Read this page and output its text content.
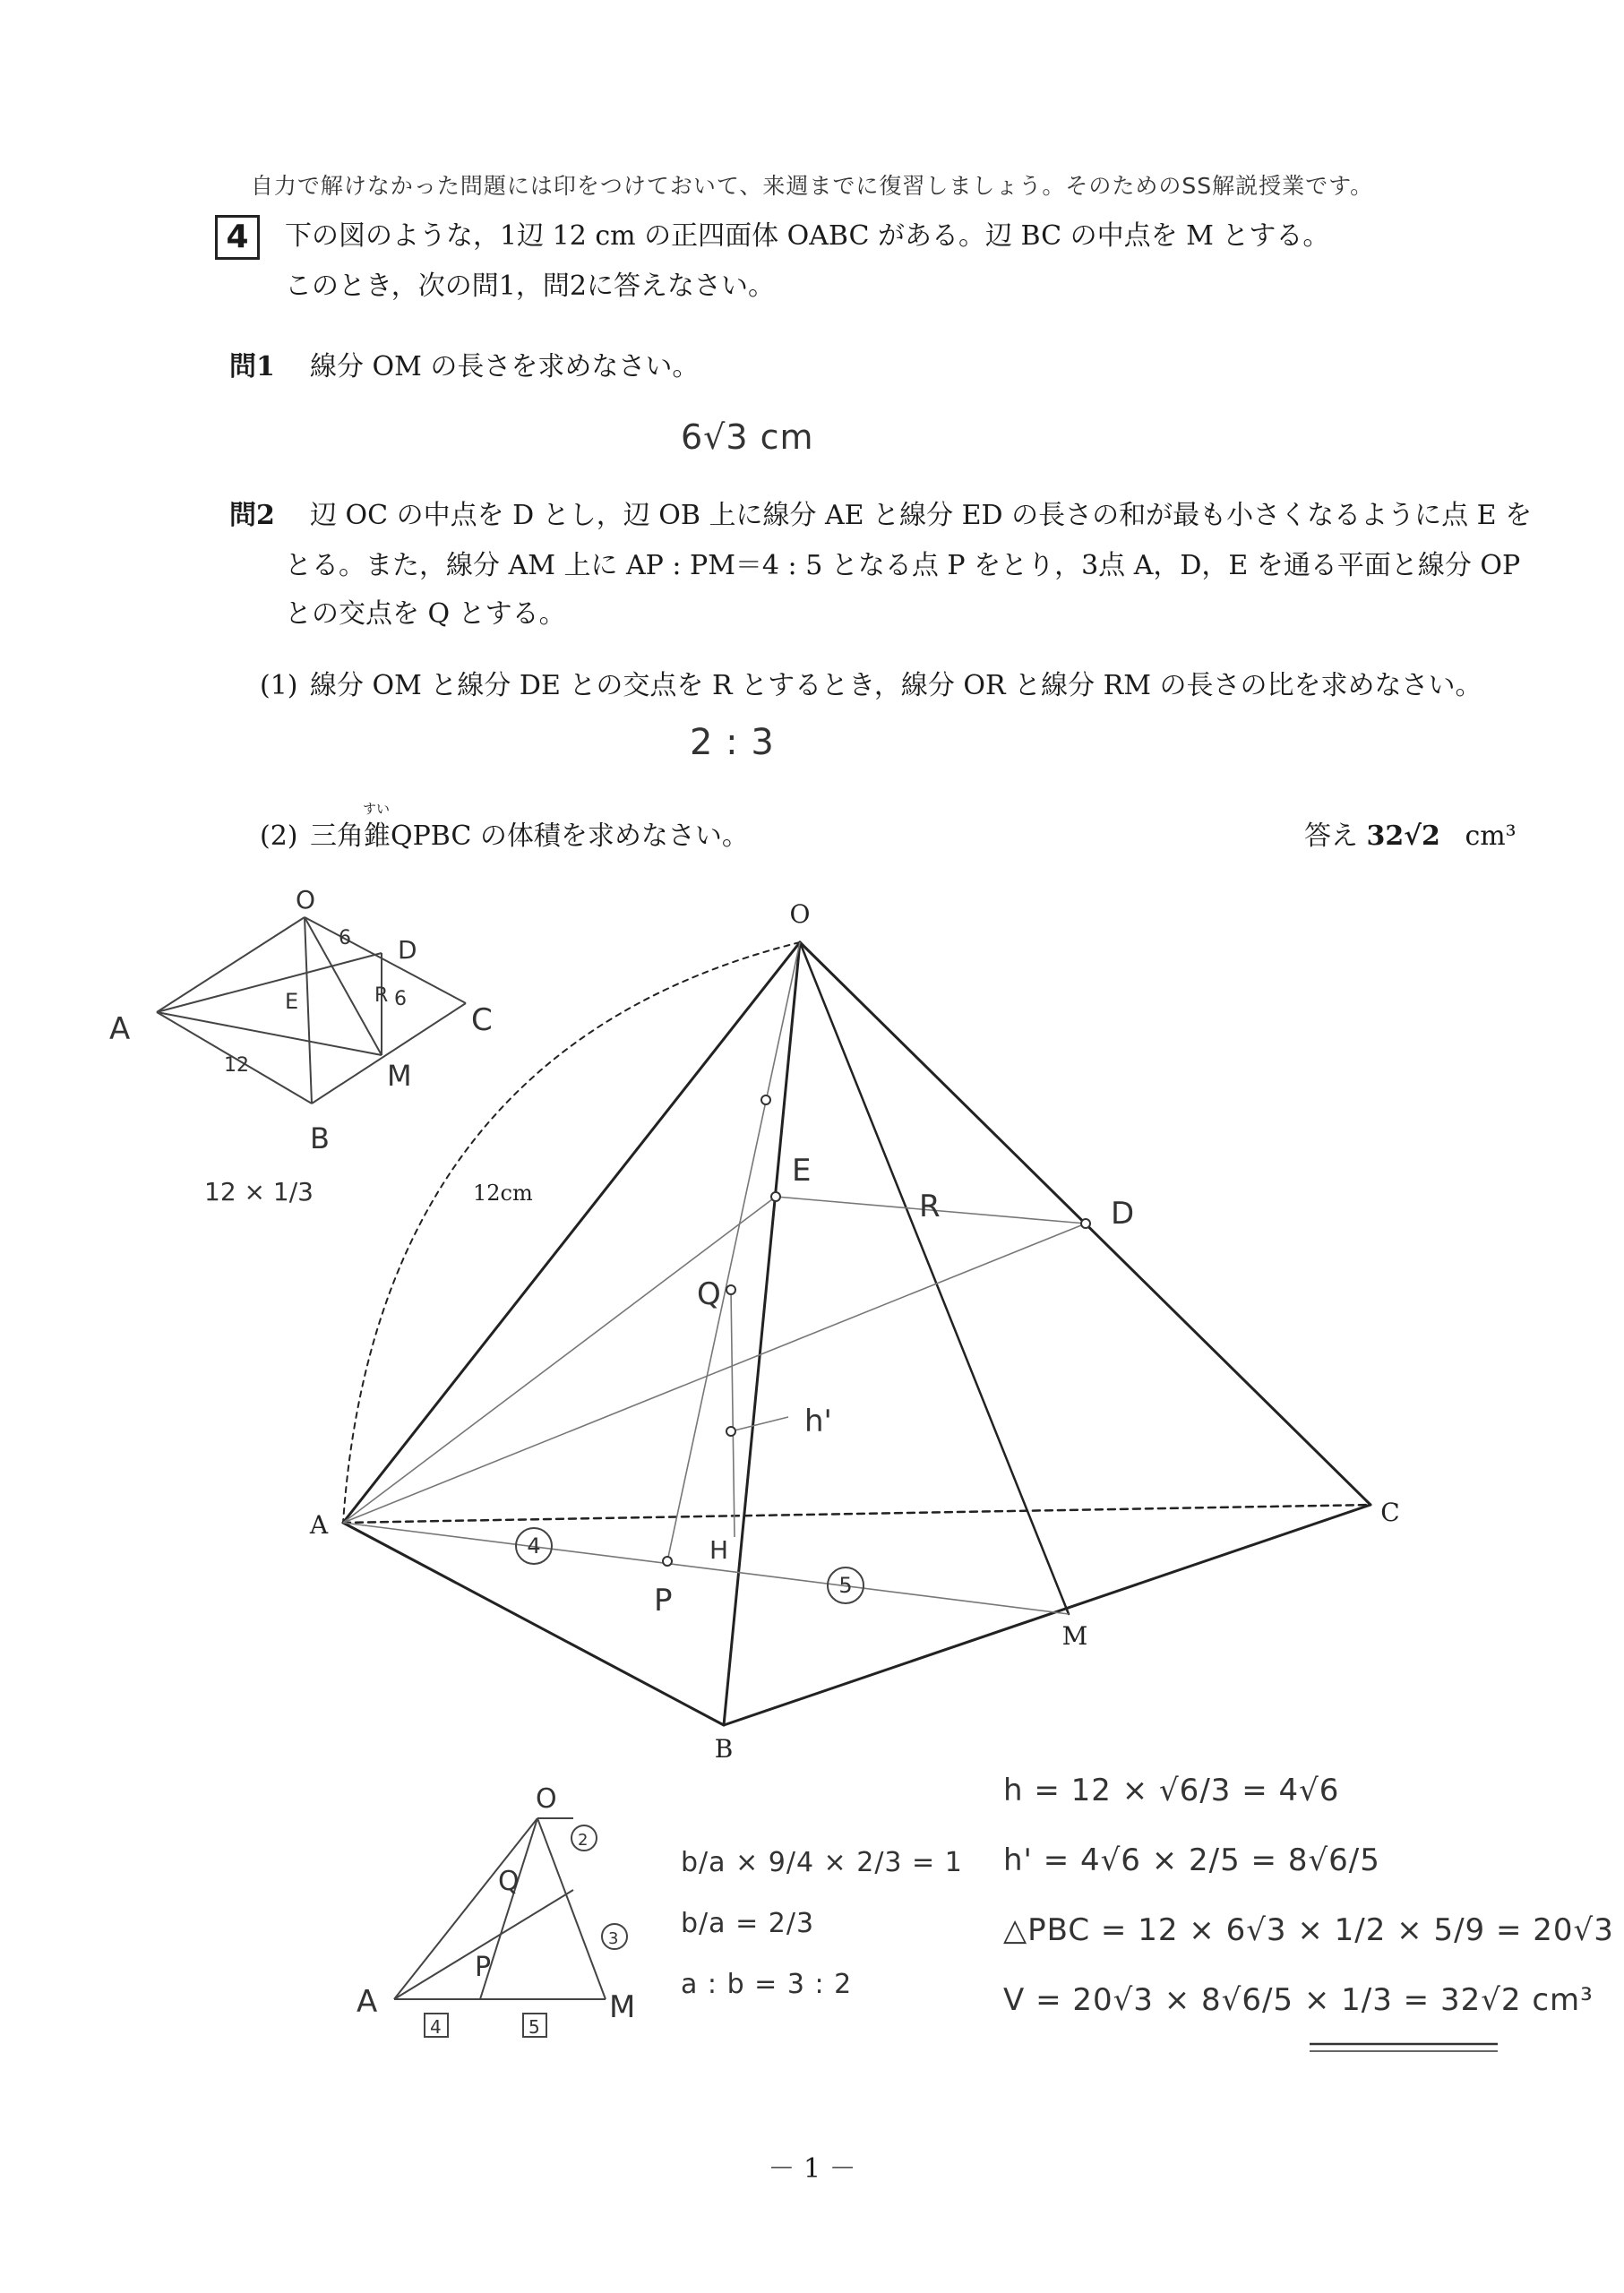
自力で解けなかった問題には印をつけておいて、来週までに復習しましょう。そのためのSS解説授業です。
4	下の図のような，1辺 12 cm の正四面体 OABC がある。辺 BC の中点を M とする。
このとき，次の問1，問2に答えなさい。
問1 線分 OM の長さを求めなさい。
6√3 cm
問2 辺 OC の中点を D とし，辺 OB 上に線分 AE と線分 ED の長さの和が最も小さくなるように点 E を
とる。また，線分 AM 上に AP : PM＝4 : 5 となる点 P をとり，3点 A，D，E を通る平面と線分 OP
との交点を Q とする。
(1) 線分 OM と線分 DE との交点を R とするとき，線分 OR と線分 RM の長さの比を求めなさい。
2 : 3
すい
(2) 三角錐QPBC の体積を求めなさい。	答え 32√2 cm³
O
A
B
C
M
12cm
E
D
R
Q
P
H
h'
4
5
O
D
A	C
B
M
E	R
6
6
12
12 × 1/3
O
A	M
Q
P
2
3
4	5
b/a × 9/4 × 2/3 = 1
b/a = 2/3
a : b = 3 : 2
h = 12 × √6/3 = 4√6
h' = 4√6 × 2/5 = 8√6/5
△PBC = 12 × 6√3 × 1/2 × 5/9 = 20√3
V = 20√3 × 8√6/5 × 1/3 = 32√2 cm³
－ 1 －
